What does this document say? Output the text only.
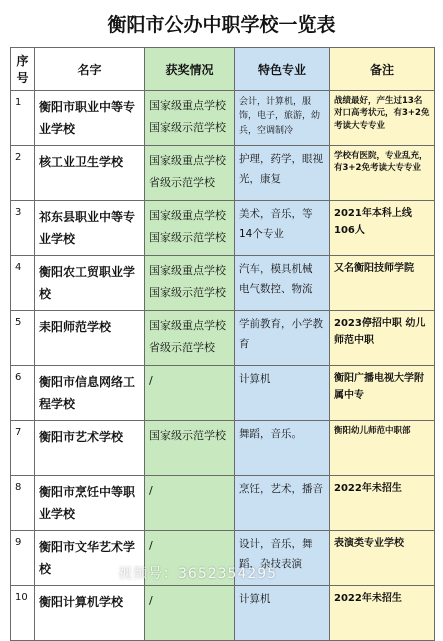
衡阳市公办中职学校一览表
序号	名字	获奖情况	特色专业	备注
1	衡阳市职业中等专业学校	国家级重点学校 国家级示范学校	会计，计算机，服饰，电子，旅游，幼兵，空调制冷	战绩最好，产生过13名对口高考状元，有3+2免考读大专专业
2	核工业卫生学校	国家级重点学校 省级示范学校	护理，药学，眼视光，康复	学校有医院，专业乱充，有3+2免考读大专专业
3	祁东县职业中等专业学校	国家级重点学校 国家级示范学校	美术，音乐，等14个专业	2021年本科上线106人
4	衡阳农工贸职业学校	国家级重点学校 国家级示范学校	汽车，模具机械 电气数控、物流	又名衡阳技师学院
5	耒阳师范学校	国家级重点学校 省级示范学校	学前教育，小学教育	2023停招中职 幼儿师范中职
6	衡阳市信息网络工程学校	/	计算机	衡阳广播电视大学附属中专
7	衡阳市艺术学校	国家级示范学校	舞蹈，音乐。	衡阳幼儿师范中职部
8	衡阳市烹饪中等职业学校	/	烹饪，艺术，播音	2022年未招生
9	衡阳市文华艺术学校	/	设计，音乐，舞蹈，杂技表演	表演类专业学校
10	衡阳计算机学校	/	计算机	2022年未招生
视频号：3652354295
